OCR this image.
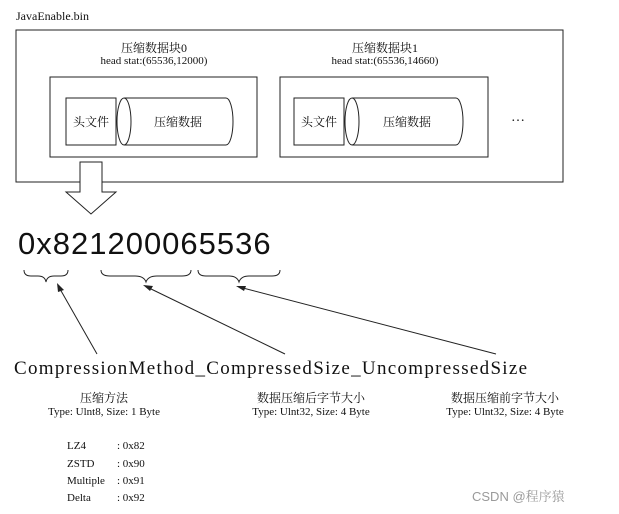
JavaEnable.bin
压缩数据块0
head stat:(65536,12000)
头文件	压缩数据
压缩数据块1
head stat:(65536,14660)
头文件	压缩数据	…
0x821200065536
CompressionMethod_CompressedSize_UncompressedSize
压缩方法
Type: Ulnt8, Size: 1 Byte
数据压缩后字节大小
Type: Ulnt32, Size: 4 Byte
数据压缩前字节大小
Type: Ulnt32, Size: 4 Byte
LZ4	: 0x82
ZSTD : 0x90
Multiple : 0x91
Delta : 0x92	CSDN @程序猿
